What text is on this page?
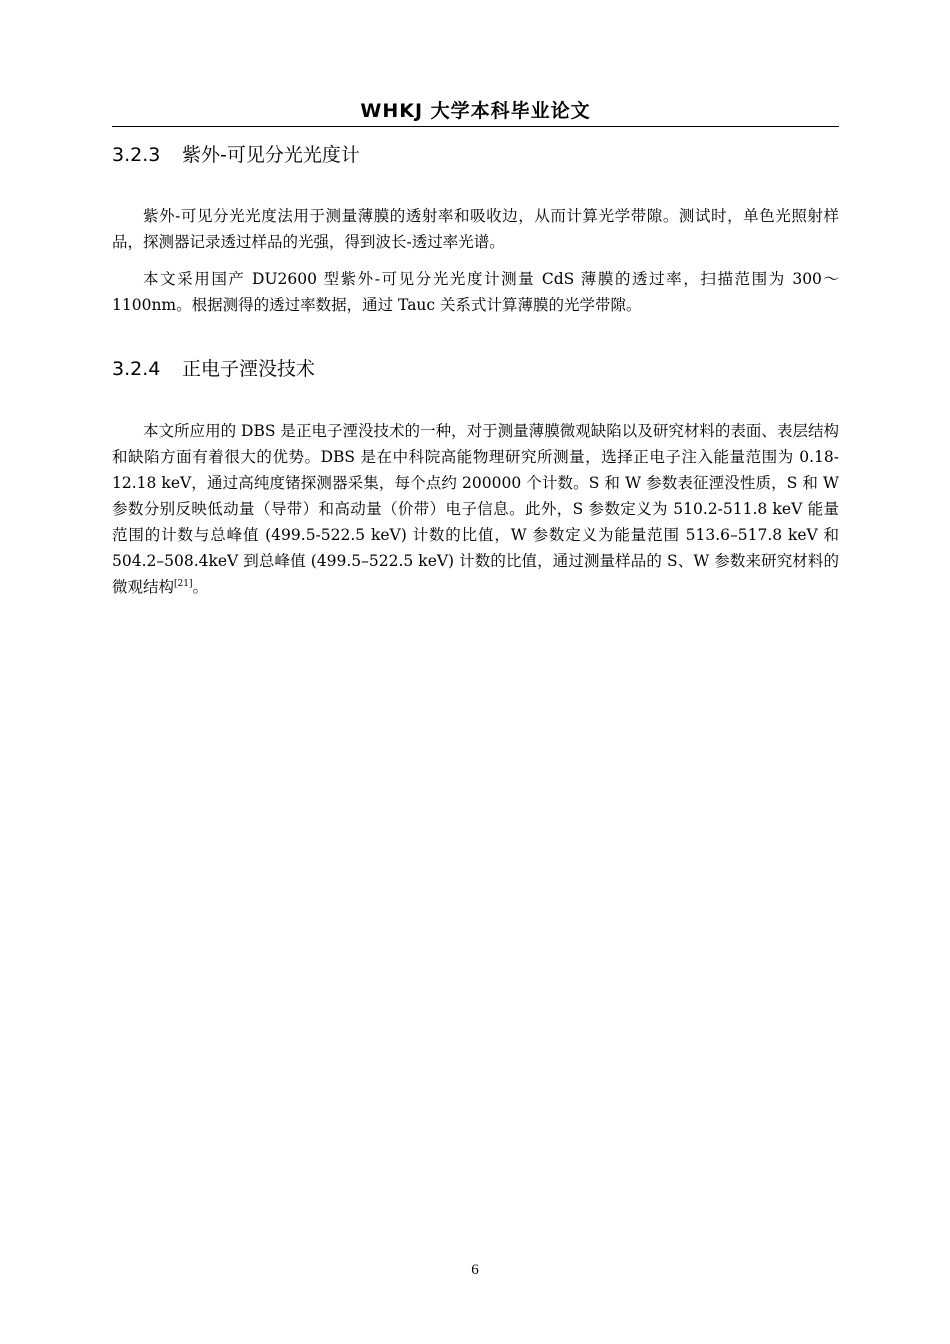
WHKJ 大学本科毕业论文
3.2.3 紫外-可见分光光度计

紫外-可见分光光度法用于测量薄膜的透射率和吸收边，从而计算光学带隙。测试时，单色光照射样品，探测器记录透过样品的光强，得到波长-透过率光谱。

本文采用国产 DU2600 型紫外-可见分光光度计测量 CdS 薄膜的透过率，扫描范围为 300～1100nm。根据测得的透过率数据，通过 Tauc 关系式计算薄膜的光学带隙。

3.2.4 正电子湮没技术

本文所应用的 DBS 是正电子湮没技术的一种，对于测量薄膜微观缺陷以及研究材料的表面、表层结构和缺陷方面有着很大的优势。DBS 是在中科院高能物理研究所测量，选择正电子注入能量范围为 0.18-12.18 keV，通过高纯度锗探测器采集，每个点约 200000 个计数。S 和 W 参数表征湮没性质，S 和 W 参数分别反映低动量（导带）和高动量（价带）电子信息。此外，S 参数定义为 510.2-511.8 keV 能量范围的计数与总峰值 (499.5-522.5 keV) 计数的比值，W 参数定义为能量范围 513.6–517.8 keV 和 504.2–508.4keV 到总峰值 (499.5–522.5 keV) 计数的比值，通过测量样品的 S、W 参数来研究材料的微观结构[21]。

6
